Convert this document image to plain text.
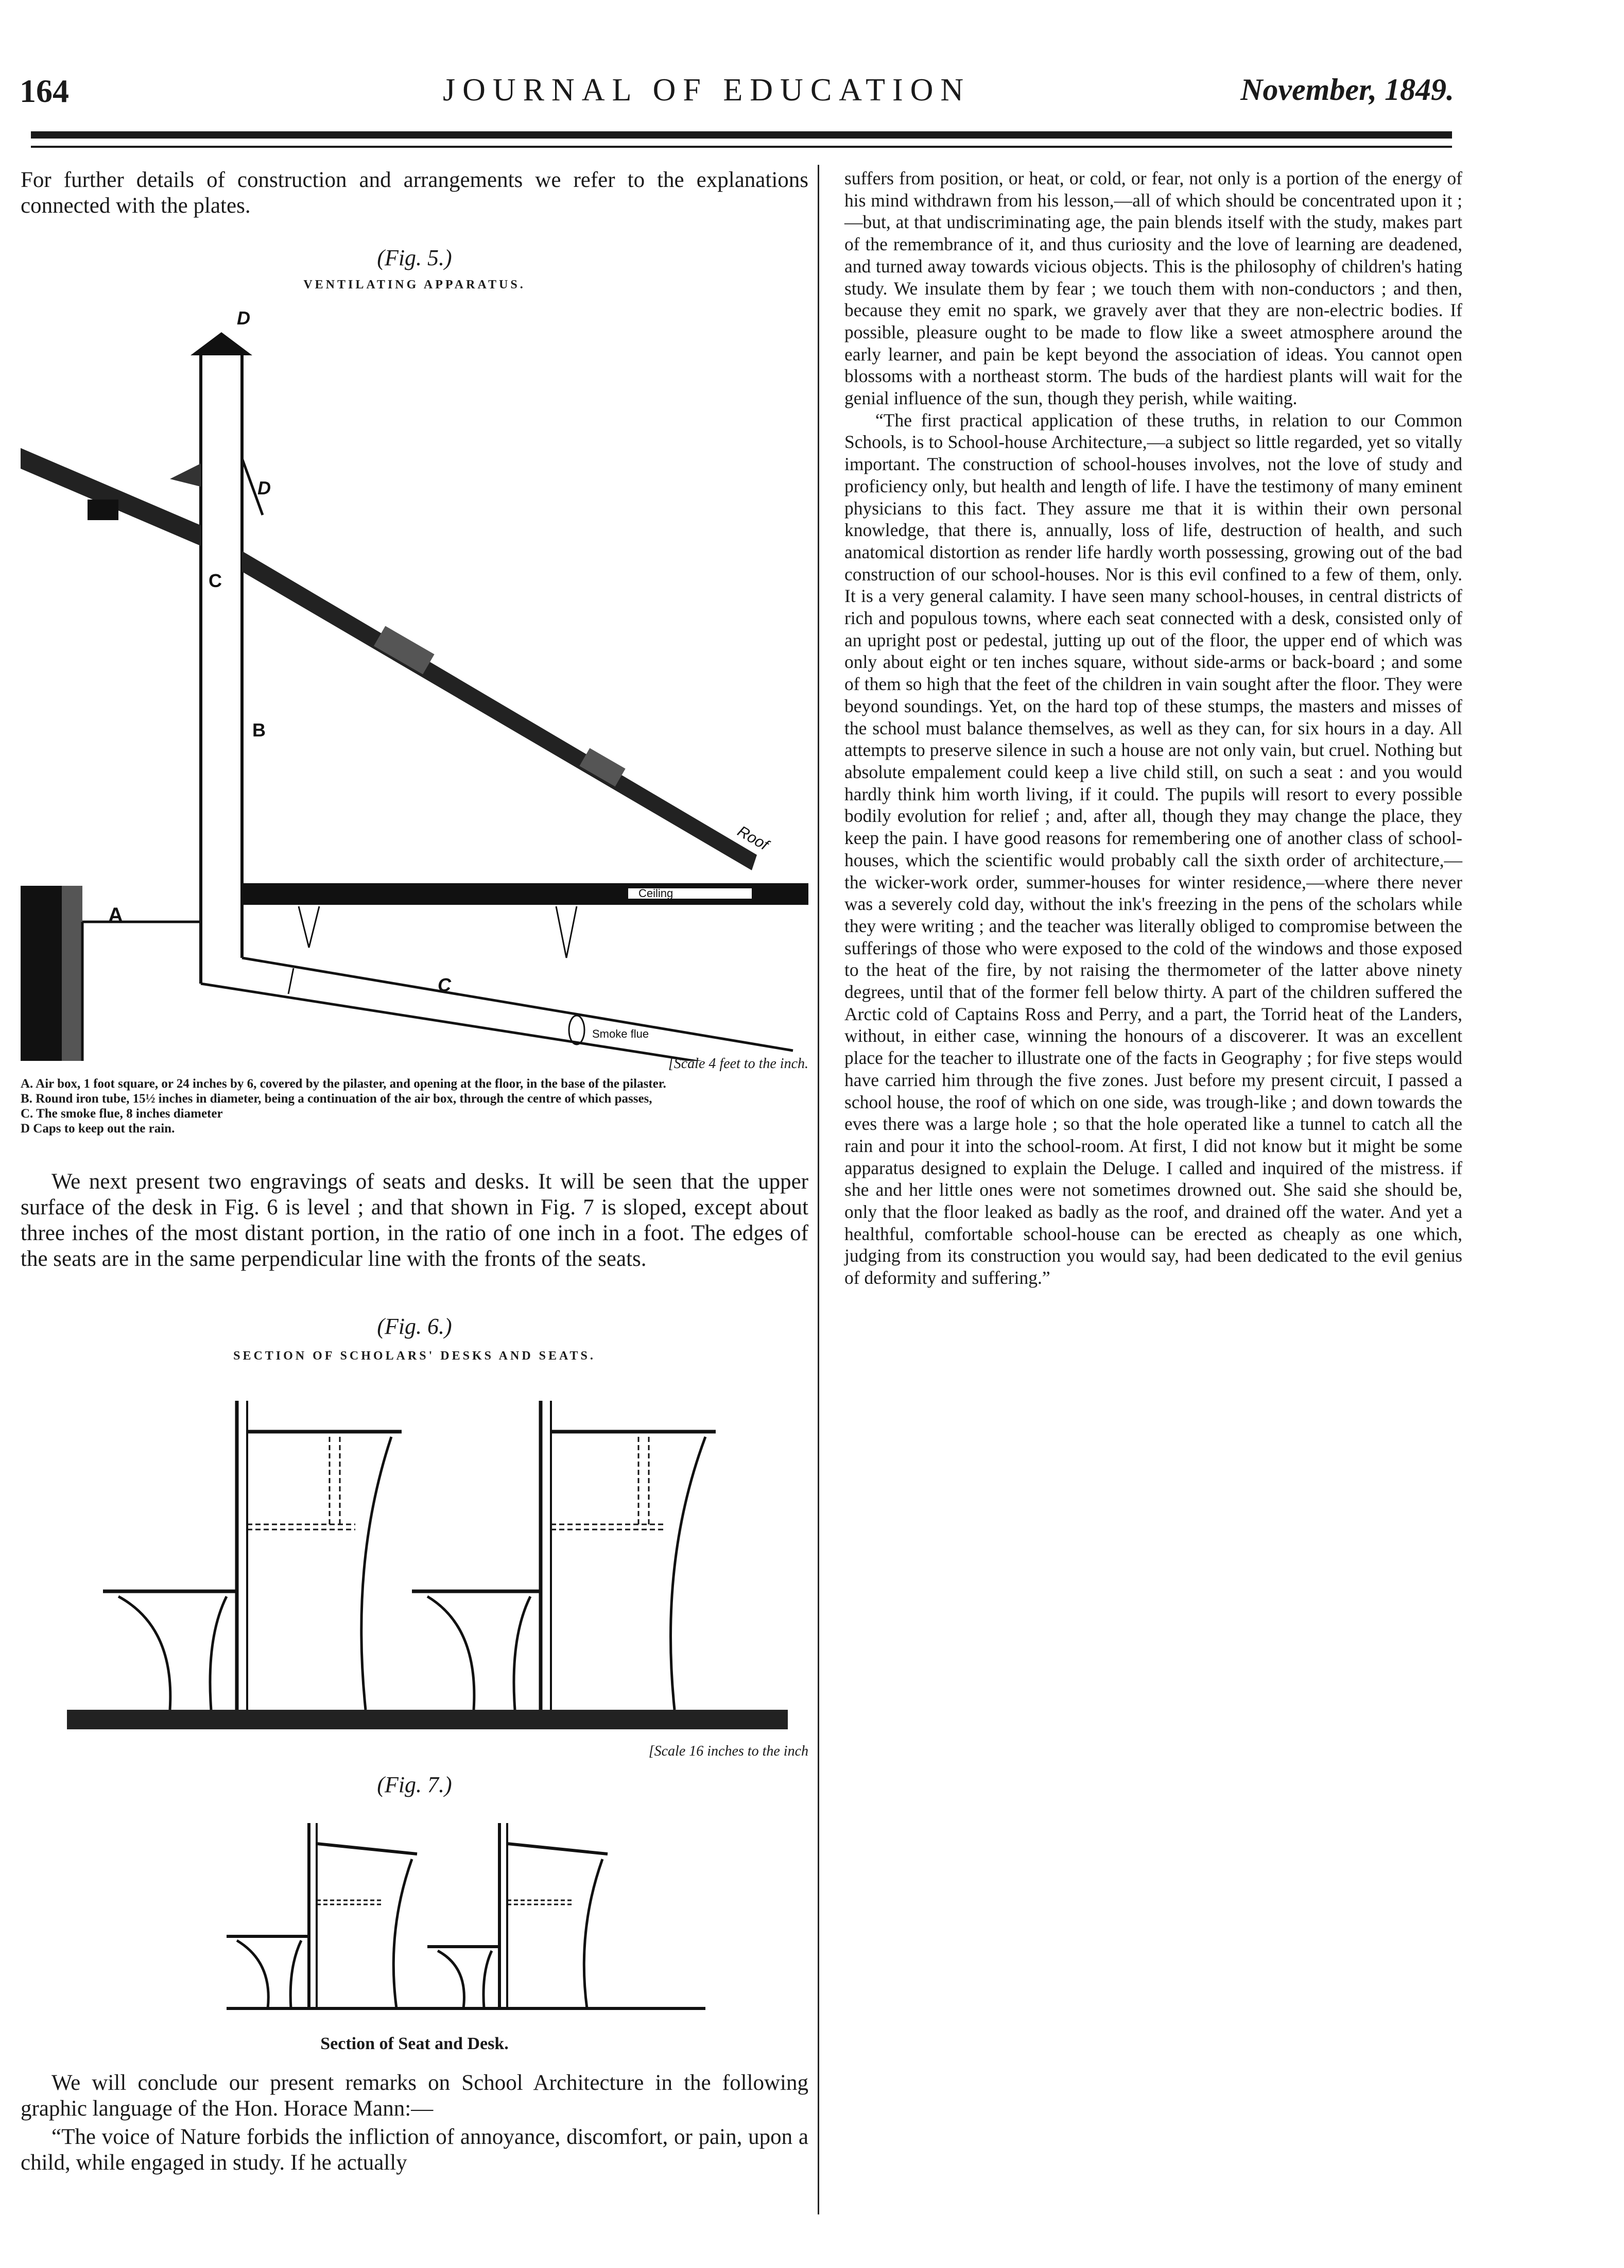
164	JOURNAL OF EDUCATION	November, 1849.

For further details of construction and arrangements we refer to the explanations connected with the plates.

(Fig. 5.)
VENTILATING APPARATUS.
Ceiling
Smoke flue
D
D
C
B
A
C
Roof
[Scale 4 feet to the inch.
A. Air box, 1 foot square, or 24 inches by 6, covered by the pilaster, and opening at the floor, in the base of the pilaster.
B. Round iron tube, 15½ inches in diameter, being a continuation of the air box, through the centre of which passes,
C. The smoke flue, 8 inches diameter
D Caps to keep out the rain.

We next present two engravings of seats and desks. It will be seen that the upper surface of the desk in Fig. 6 is level ; and that shown in Fig. 7 is sloped, except about three inches of the most distant portion, in the ratio of one inch in a foot. The edges of the seats are in the same perpendicular line with the fronts of the seats.

(Fig. 6.)
SECTION OF SCHOLARS' DESKS AND SEATS.
[Scale 16 inches to the inch
(Fig. 7.)
Section of Seat and Desk.

We will conclude our present remarks on School Architecture in the following graphic language of the Hon. Horace Mann:—

“The voice of Nature forbids the infliction of annoyance, discomfort, or pain, upon a child, while engaged in study. If he actually

suffers from position, or heat, or cold, or fear, not only is a portion of the energy of his mind withdrawn from his lesson,—all of which should be concentrated upon it ;—but, at that undiscriminating age, the pain blends itself with the study, makes part of the remembrance of it, and thus curiosity and the love of learning are deadened, and turned away towards vicious objects. This is the philosophy of children's hating study. We insulate them by fear ; we touch them with non-conductors ; and then, because they emit no spark, we gravely aver that they are non-electric bodies. If possible, pleasure ought to be made to flow like a sweet atmosphere around the early learner, and pain be kept beyond the association of ideas. You cannot open blossoms with a northeast storm. The buds of the hardiest plants will wait for the genial influence of the sun, though they perish, while waiting.

“The first practical application of these truths, in relation to our Common Schools, is to School-house Architecture,—a subject so little regarded, yet so vitally important. The construction of school-houses involves, not the love of study and proficiency only, but health and length of life. I have the testimony of many eminent physicians to this fact. They assure me that it is within their own personal knowledge, that there is, annually, loss of life, destruction of health, and such anatomical distortion as render life hardly worth possessing, growing out of the bad construction of our school-houses. Nor is this evil confined to a few of them, only. It is a very general calamity. I have seen many school-houses, in central districts of rich and populous towns, where each seat connected with a desk, consisted only of an upright post or pedestal, jutting up out of the floor, the upper end of which was only about eight or ten inches square, without side-arms or back-board ; and some of them so high that the feet of the children in vain sought after the floor. They were beyond soundings. Yet, on the hard top of these stumps, the masters and misses of the school must balance themselves, as well as they can, for six hours in a day. All attempts to preserve silence in such a house are not only vain, but cruel. Nothing but absolute empalement could keep a live child still, on such a seat : and you would hardly think him worth living, if it could. The pupils will resort to every possible bodily evolution for relief ; and, after all, though they may change the place, they keep the pain. I have good reasons for remembering one of another class of school-houses, which the scientific would probably call the sixth order of architecture,—the wicker-work order, summer-houses for winter residence,—where there never was a severely cold day, without the ink's freezing in the pens of the scholars while they were writing ; and the teacher was literally obliged to compromise between the sufferings of those who were exposed to the cold of the windows and those exposed to the heat of the fire, by not raising the thermometer of the latter above ninety degrees, until that of the former fell below thirty. A part of the children suffered the Arctic cold of Captains Ross and Perry, and a part, the Torrid heat of the Landers, without, in either case, winning the honours of a discoverer. It was an excellent place for the teacher to illustrate one of the facts in Geography ; for five steps would have carried him through the five zones. Just before my present circuit, I passed a school house, the roof of which on one side, was trough-like ; and down towards the eves there was a large hole ; so that the hole operated like a tunnel to catch all the rain and pour it into the school-room. At first, I did not know but it might be some apparatus designed to explain the Deluge. I called and inquired of the mistress. if she and her little ones were not sometimes drowned out. She said she should be, only that the floor leaked as badly as the roof, and drained off the water. And yet a healthful, comfortable school-house can be erected as cheaply as one which, judging from its construction you would say, had been dedicated to the evil genius of deformity and suffering.”
